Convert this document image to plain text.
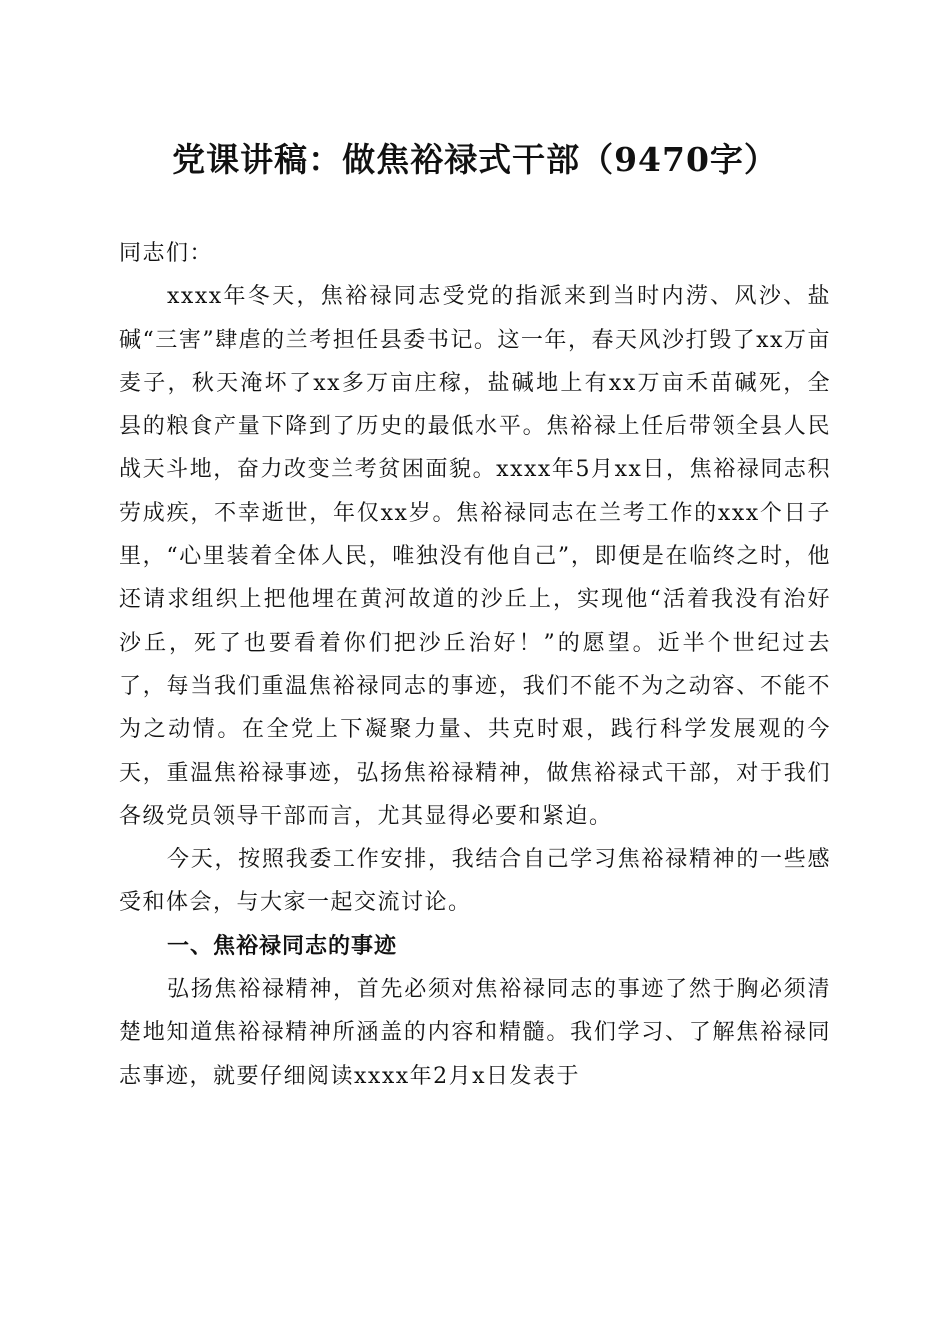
党课讲稿：做焦裕禄式干部（9470字）

同志们：

xxxx年冬天，焦裕禄同志受党的指派来到当时内涝、风沙、盐碱“三害”肆虐的兰考担任县委书记。这一年，春天风沙打毁了xx万亩麦子，秋天淹坏了xx多万亩庄稼，盐碱地上有xx万亩禾苗碱死，全县的粮食产量下降到了历史的最低水平。焦裕禄上任后带领全县人民战天斗地，奋力改变兰考贫困面貌。xxxx年5月xx日，焦裕禄同志积劳成疾，不幸逝世，年仅xx岁。焦裕禄同志在兰考工作的xxx个日子里，“心里装着全体人民，唯独没有他自己”，即便是在临终之时，他还请求组织上把他埋在黄河故道的沙丘上，实现他“活着我没有治好沙丘，死了也要看着你们把沙丘治好！”的愿望。近半个世纪过去了，每当我们重温焦裕禄同志的事迹，我们不能不为之动容、不能不为之动情。在全党上下凝聚力量、共克时艰，践行科学发展观的今天，重温焦裕禄事迹，弘扬焦裕禄精神，做焦裕禄式干部，对于我们各级党员领导干部而言，尤其显得必要和紧迫。

今天，按照我委工作安排，我结合自己学习焦裕禄精神的一些感受和体会，与大家一起交流讨论。

一、焦裕禄同志的事迹

弘扬焦裕禄精神，首先必须对焦裕禄同志的事迹了然于胸必须清楚地知道焦裕禄精神所涵盖的内容和精髓。我们学习、了解焦裕禄同志事迹，就要仔细阅读xxxx年2月x日发表于
